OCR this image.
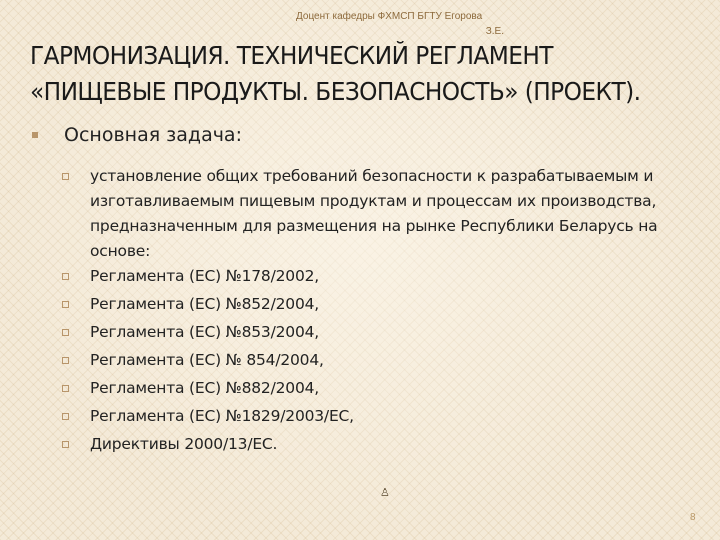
Доцент кафедры ФХМСП БГТУ Егорова
З.Е.
ГАРМОНИЗАЦИЯ. ТЕХНИЧЕСКИЙ РЕГЛАМЕНТ
«ПИЩЕВЫЕ ПРОДУКТЫ. БЕЗОПАСНОСТЬ» (ПРОЕКТ).
Основная задача:
установление общих требований безопасности к разрабатываемым и изготавливаемым пищевым продуктам и процессам их производства, предназначенным для размещения на рынке Республики Беларусь на основе:
Регламента (ЕС) №178/2002,
Регламента (ЕС) №852/2004,
Регламента (ЕС) №853/2004,
Регламента (ЕС) № 854/2004,
Регламента (ЕС) №882/2004,
Регламента (ЕС) №1829/2003/ЕС,
Директивы 2000/13/ЕС.
♙
8
